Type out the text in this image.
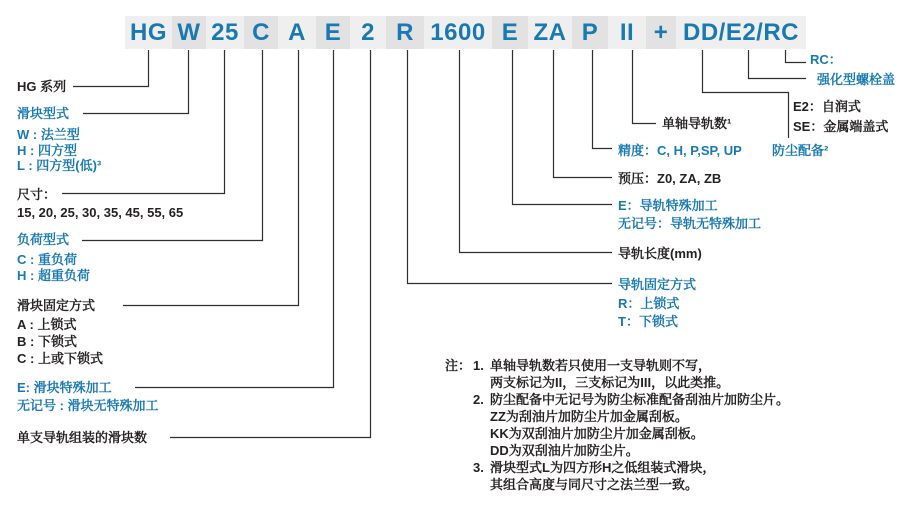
HG W 25 C A E 2 R 1600 E ZA P II + DD/E2/RC
HG 系列
滑块型式
W : 法兰型
H : 四方型
L : 四方型(低)³
尺寸：
15, 20, 25, 30, 35, 45, 55, 65
负荷型式
C : 重负荷
H : 超重负荷
滑块固定方式
A : 上锁式
B : 下锁式
C : 上或下锁式
E: 滑块特殊加工
无记号 : 滑块无特殊加工
单支导轨组装的滑块数
RC：
强化型螺栓盖
E2：自润式
SE：金属端盖式
单轴导轨数¹
精度：C, H, P,SP, UP 防尘配备²
预压：Z0, ZA, ZB
E：导轨特殊加工
无记号：导轨无特殊加工
导轨长度(mm)
导轨固定方式
R：上锁式
T：下锁式
注： 1. 单轴导轨数若只使用一支导轨则不写，
两支标记为II，三支标记为III，以此类推。
2. 防尘配备中无记号为防尘标准配备刮油片加防尘片。
ZZ为刮油片加防尘片加金属刮板。
KK为双刮油片加防尘片加金属刮板。
DD为双刮油片加防尘片。
3. 滑块型式L为四方形H之低组装式滑块，
其组合高度与同尺寸之法兰型一致。
